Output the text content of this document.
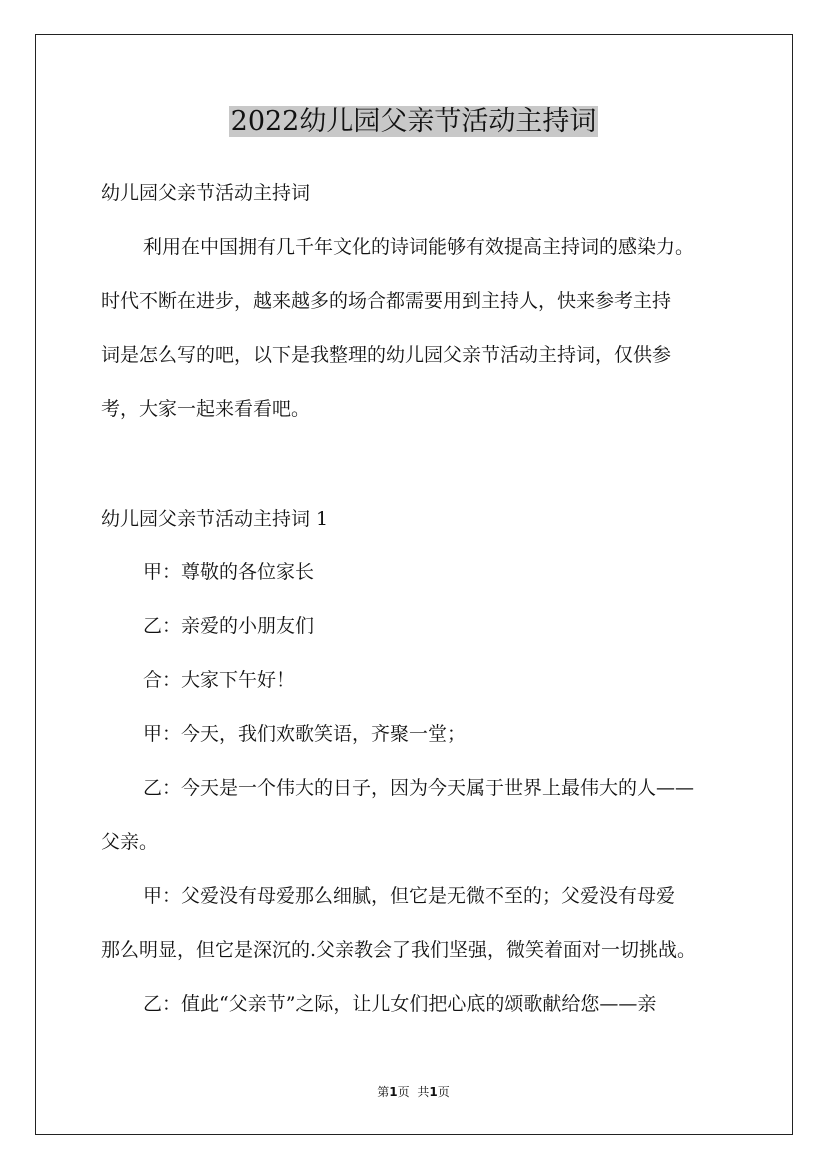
2022幼儿园父亲节活动主持词
幼儿园父亲节活动主持词
利用在中国拥有几千年文化的诗词能够有效提高主持词的感染力。
时代不断在进步，越来越多的场合都需要用到主持人，快来参考主持
词是怎么写的吧，以下是我整理的幼儿园父亲节活动主持词，仅供参
考，大家一起来看看吧。
幼儿园父亲节活动主持词 1
甲：尊敬的各位家长
乙：亲爱的小朋友们
合：大家下午好！
甲：今天，我们欢歌笑语，齐聚一堂；
乙：今天是一个伟大的日子，因为今天属于世界上最伟大的人——
父亲。
甲：父爱没有母爱那么细腻，但它是无微不至的；父爱没有母爱
那么明显，但它是深沉的.父亲教会了我们坚强，微笑着面对一切挑战。
乙：值此“父亲节”之际，让儿女们把心底的颂歌献给您——亲
第1页 共1页
